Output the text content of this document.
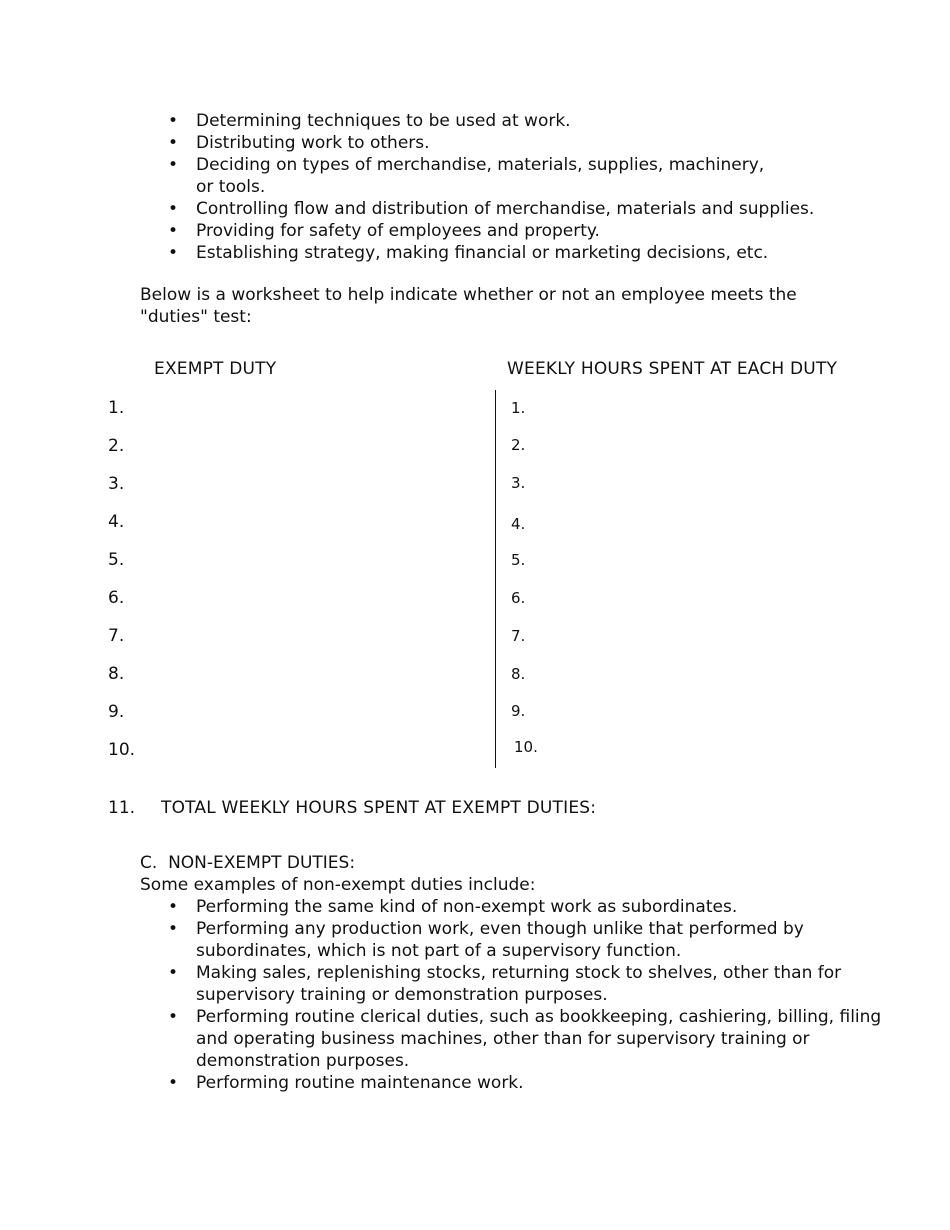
• Determining techniques to be used at work.
• Distributing work to others.
• Deciding on types of merchandise, materials, supplies, machinery, or tools.
• Controlling flow and distribution of merchandise, materials and supplies.
• Providing for safety of employees and property.
• Establishing strategy, making financial or marketing decisions, etc.
Below is a worksheet to help indicate whether or not an employee meets the "duties" test:
EXEMPT DUTY	WEEKLY HOURS SPENT AT EACH DUTY
1.
2.
3.
4.
5.
6.
7.
8.
9.
10.
1.
2.
3.
4.
5.
6.
7.
8.
9.
10.
11. TOTAL WEEKLY HOURS SPENT AT EXEMPT DUTIES:
C.  NON-EXEMPT DUTIES:
Some examples of non-exempt duties include:
• Performing the same kind of non-exempt work as subordinates.
• Performing any production work, even though unlike that performed by subordinates, which is not part of a supervisory function.
• Making sales, replenishing stocks, returning stock to shelves, other than for supervisory training or demonstration purposes.
• Performing routine clerical duties, such as bookkeeping, cashiering, billing, filing and operating business machines, other than for supervisory training or demonstration purposes.
• Performing routine maintenance work.
